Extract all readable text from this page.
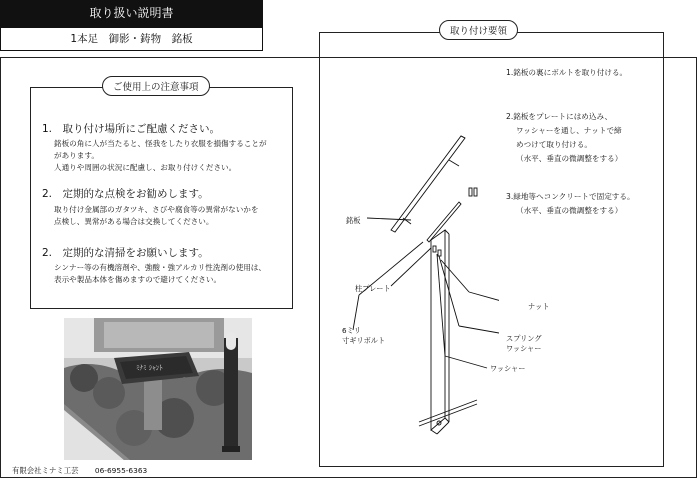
取り扱い説明書
1本足　御影・鋳物　銘板
ご使用上の注意事項
1.　取り付け場所にご配慮ください。
銘板の角に人が当たると、怪我をしたり衣服を損傷することが
があります。
人通りや周囲の状況に配慮し、お取り付けください。
2.　定期的な点検をお勧めします。
取り付け金属部のガタツキ、さびや腐食等の異常がないかを
点検し、異常がある場合は交換してください。
2.　定期的な清掃をお願いします。
シンナー等の有機溶剤や、強酸・強アルカリ性洗剤の使用は、
表示や製品本体を傷めますので避けてください。
ﾐﾅﾐ ｼｬﾝﾄ
有限会社ミナミ工芸 06-6955-6363
取り付け要領
1.銘板の裏にボルトを取り付ける。
2.銘板をプレートにはめ込み、
ワッシャーを通し、ナットで締
めつけて取り付ける。
（水平、垂直の微調整をする）
3.緑地等へコンクリートで固定する。
（水平、垂直の微調整をする）
銘板
柱プレート
6ミリ
寸ギリボルト
ナット
スプリング
ワッシャー
ワッシャー
